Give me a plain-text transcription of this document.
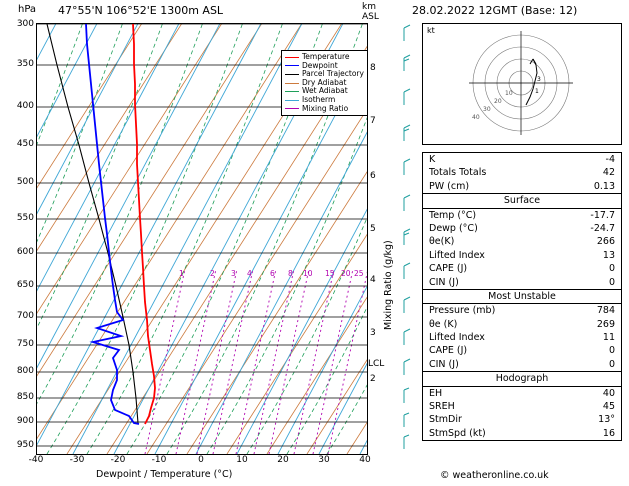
hPa 47°55'N 106°52'E 1300m ASL	km
ASL	28.02.2022 12GMT (Base: 12)
300
350
400
450
500
550
600
650
700
750
800
850
900
950
-40	-30	-20	-10	0	10	20	30	40
Dewpoint / Temperature (°C)
8
7
6
5
4
3
2
LCL
Mixing Ratio (g/kg)
1	2 3 4 6 8 10 15 20 25
Temperature
Dewpoint
Parcel Trajectory
Dry Adiabat
Wet Adiabat
Isotherm
Mixing Ratio
kt
10
20
30
40
1
3
K	-4
Totals Totals	42
PW (cm)	0.13
Surface
Temp (°C)	-17.7
Dewp (°C)	-24.7
θe(K)	266
Lifted Index	13
CAPE (J)	0
CIN (J)	0
Most Unstable
Pressure (mb)	784
θe (K)	269
Lifted Index	11
CAPE (J)	0
CIN (J)	0
Hodograph
EH	40
SREH	45
StmDir	13°
StmSpd (kt)	16
© weatheronline.co.uk
